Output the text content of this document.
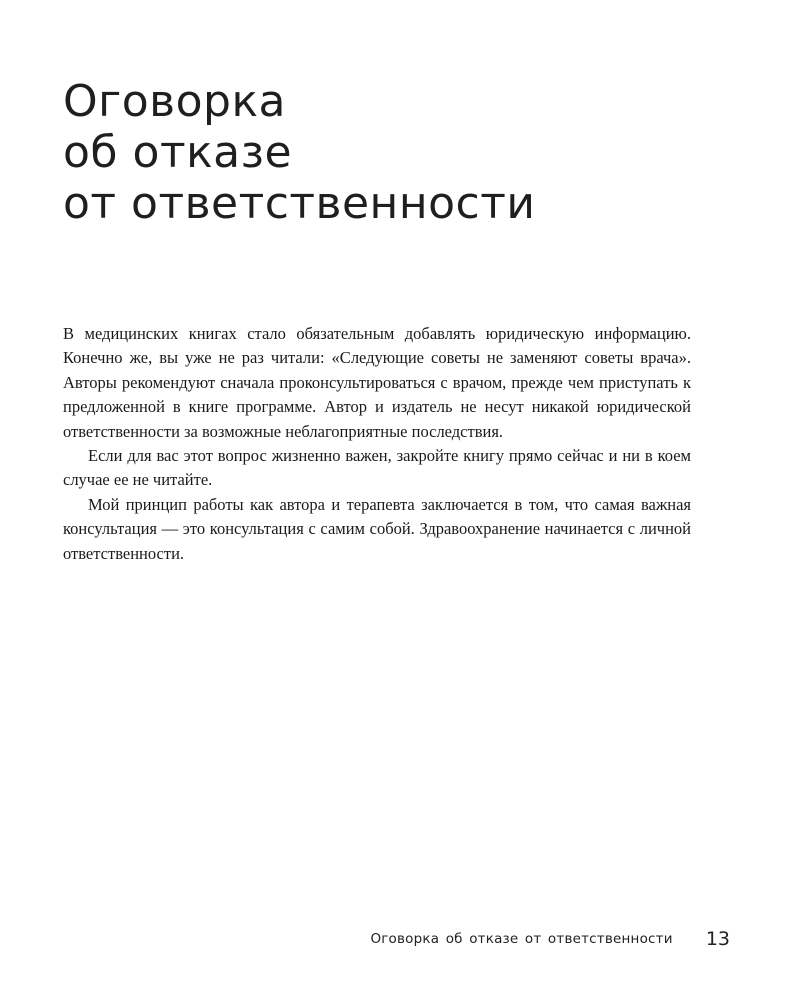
Оговорка
об отказе
от ответственности

В медицинских книгах стало обязательным добавлять юридическую информацию. Конечно же, вы уже не раз читали: «Следующие советы не заменяют советы врача». Авторы рекомендуют сначала проконсультироваться с врачом, прежде чем приступать к предложенной в книге программе. Автор и издатель не несут никакой юридической ответственности за возможные неблагоприятные последствия.

Если для вас этот вопрос жизненно важен, закройте книгу прямо сейчас и ни в коем случае ее не читайте.

Мой принцип работы как автора и терапевта заключается в том, что самая важная консультация — это консультация с самим собой. Здравоохранение начинается с личной ответственности.

Оговорка об отказе от ответственности 13
